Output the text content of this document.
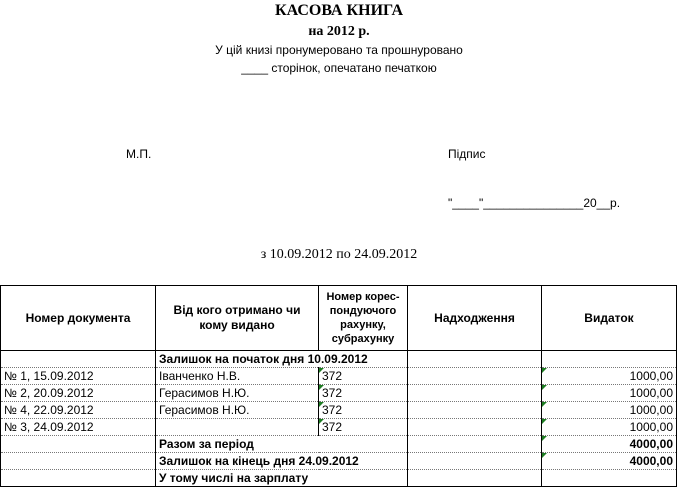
КАСОВА КНИГА
на 2012 р.
У цій книзі пронумеровано та прошнуровано
____ сторінок, опечатано печаткою
М.П.	Підпис
"____"_______________20__р.
з 10.09.2012 по 24.09.2012
Номер документа	Від кого отримано чи кому видано	Номер корес-пондуючого рахунку, субрахунку	Надходження	Видаток
	Залишок на початок дня 10.09.2012			
№ 1, 15.09.2012	Іванченко Н.В.	372		1000,00
№ 2, 20.09.2012	Герасимов Н.Ю.	372		1000,00
№ 4, 22.09.2012	Герасимов Н.Ю.	372		1000,00
№ 3, 24.09.2012		372		1000,00
	Разом за період			4000,00
	Залишок на кінець дня 24.09.2012			4000,00
	У тому числі на зарплату			
